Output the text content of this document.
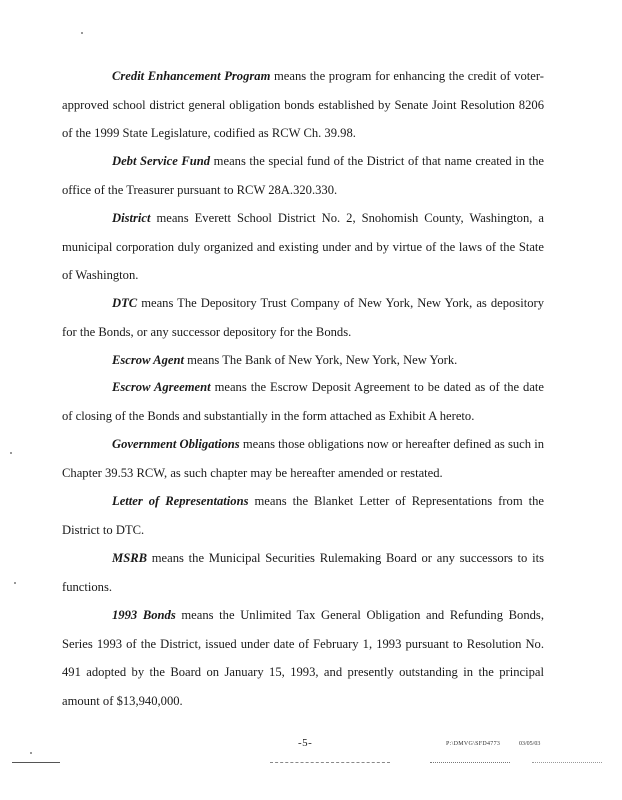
Credit Enhancement Program means the program for enhancing the credit of voter-approved school district general obligation bonds established by Senate Joint Resolution 8206 of the 1999 State Legislature, codified as RCW Ch. 39.98.

Debt Service Fund means the special fund of the District of that name created in the office of the Treasurer pursuant to RCW 28A.320.330.

District means Everett School District No. 2, Snohomish County, Washington, a municipal corporation duly organized and existing under and by virtue of the laws of the State of Washington.

DTC means The Depository Trust Company of New York, New York, as depository for the Bonds, or any successor depository for the Bonds.

Escrow Agent means The Bank of New York, New York, New York.

Escrow Agreement means the Escrow Deposit Agreement to be dated as of the date of closing of the Bonds and substantially in the form attached as Exhibit A hereto.

Government Obligations means those obligations now or hereafter defined as such in Chapter 39.53 RCW, as such chapter may be hereafter amended or restated.

Letter of Representations means the Blanket Letter of Representations from the District to DTC.

MSRB means the Municipal Securities Rulemaking Board or any successors to its functions.

1993 Bonds means the Unlimited Tax General Obligation and Refunding Bonds, Series 1993 of the District, issued under date of February 1, 1993 pursuant to Resolution No. 491 adopted by the Board on January 15, 1993, and presently outstanding in the principal amount of $13,940,000.

-5-	P:\DMVG\SFD4773	03/05/03
